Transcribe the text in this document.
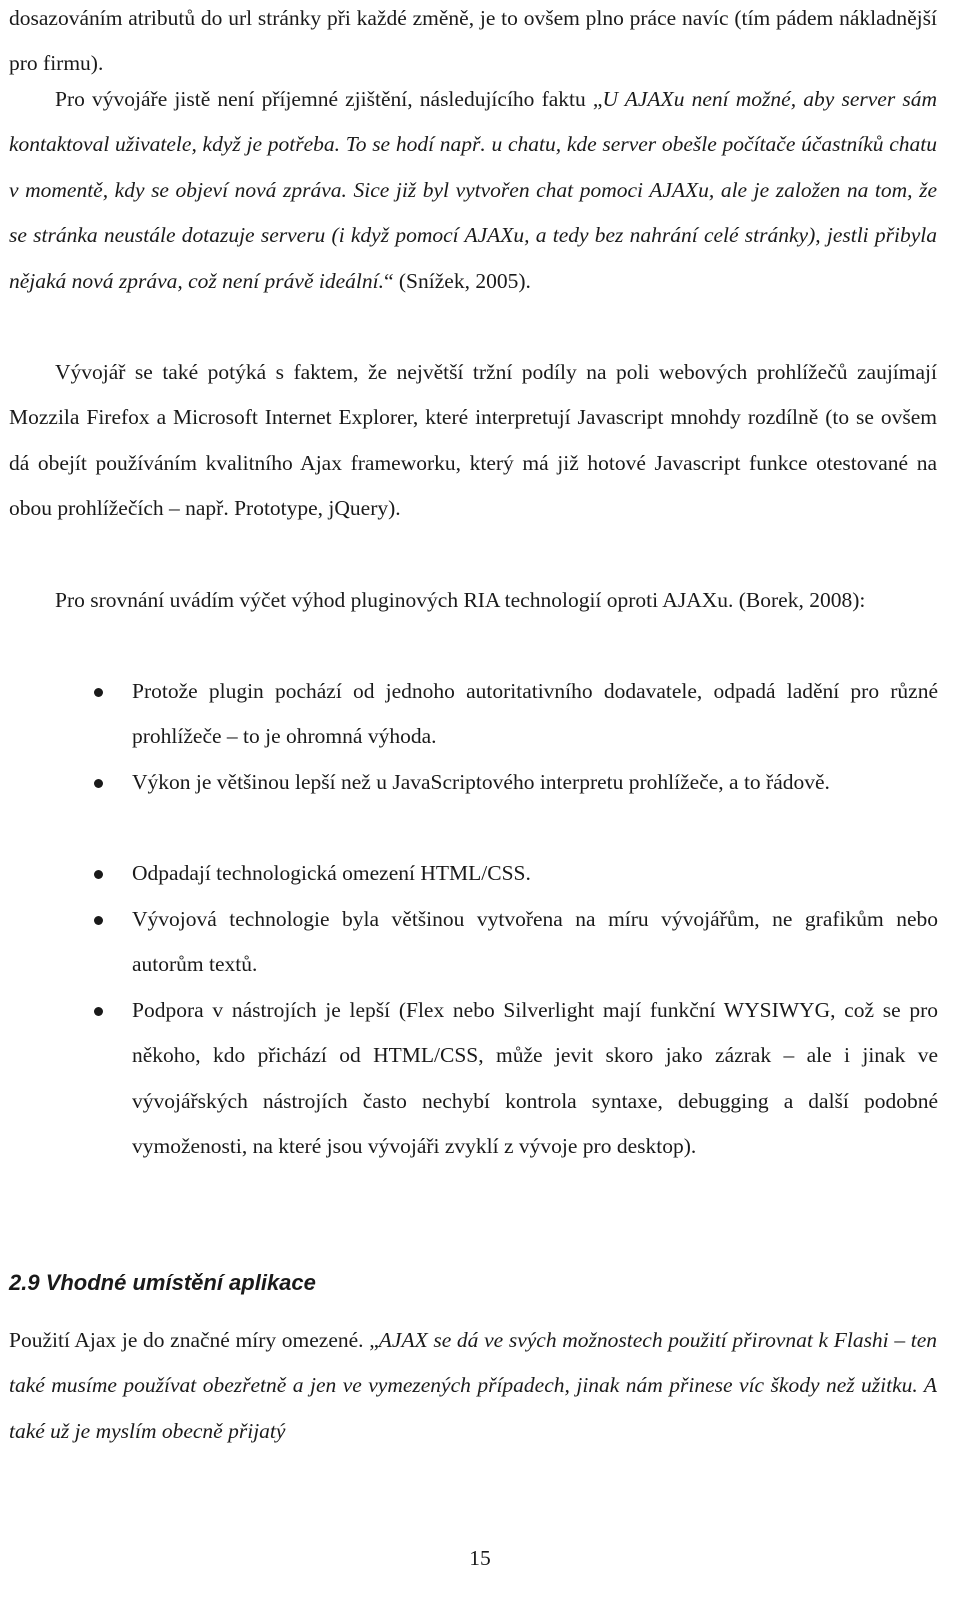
dosazováním atributů do url stránky při každé změně, je to ovšem plno práce navíc (tím pádem nákladnější pro firmu).

Pro vývojáře jistě není příjemné zjištění, následujícího faktu „U AJAXu není možné, aby server sám kontaktoval uživatele, když je potřeba. To se hodí např. u chatu, kde server obešle počítače účastníků chatu v momentě, kdy se objeví nová zpráva. Sice již byl vytvořen chat pomoci AJAXu, ale je založen na tom, že se stránka neustále dotazuje serveru (i když pomocí AJAXu, a tedy bez nahrání celé stránky), jestli přibyla nějaká nová zpráva, což není právě ideální.“ (Snížek, 2005).

Vývojář se také potýká s faktem, že největší tržní podíly na poli webových prohlížečů zaujímají Mozzila Firefox a Microsoft Internet Explorer, které interpretují Javascript mnohdy rozdílně (to se ovšem dá obejít používáním kvalitního Ajax frameworku, který má již hotové Javascript funkce otestované na obou prohlížečích – např. Prototype, jQuery).

Pro srovnání uvádím výčet výhod pluginových RIA technologií oproti AJAXu. (Borek, 2008):

Protože plugin pochází od jednoho autoritativního dodavatele, odpadá ladění pro různé prohlížeče – to je ohromná výhoda.

Výkon je většinou lepší než u JavaScriptového interpretu prohlížeče, a to řádově.

Odpadají technologická omezení HTML/CSS.

Vývojová technologie byla většinou vytvořena na míru vývojářům, ne grafikům nebo autorům textů.

Podpora v nástrojích je lepší (Flex nebo Silverlight mají funkční WYSIWYG, což se pro někoho, kdo přichází od HTML/CSS, může jevit skoro jako zázrak – ale i jinak ve vývojářských nástrojích často nechybí kontrola syntaxe, debugging a další podobné vymoženosti, na které jsou vývojáři zvyklí z vývoje pro desktop).

2.9 Vhodné umístění aplikace

Použití Ajax je do značné míry omezené. „AJAX se dá ve svých možnostech použití přirovnat k Flashi – ten také musíme používat obezřetně a jen ve vymezených případech, jinak nám přinese víc škody než užitku. A také už je myslím obecně přijatý

15
